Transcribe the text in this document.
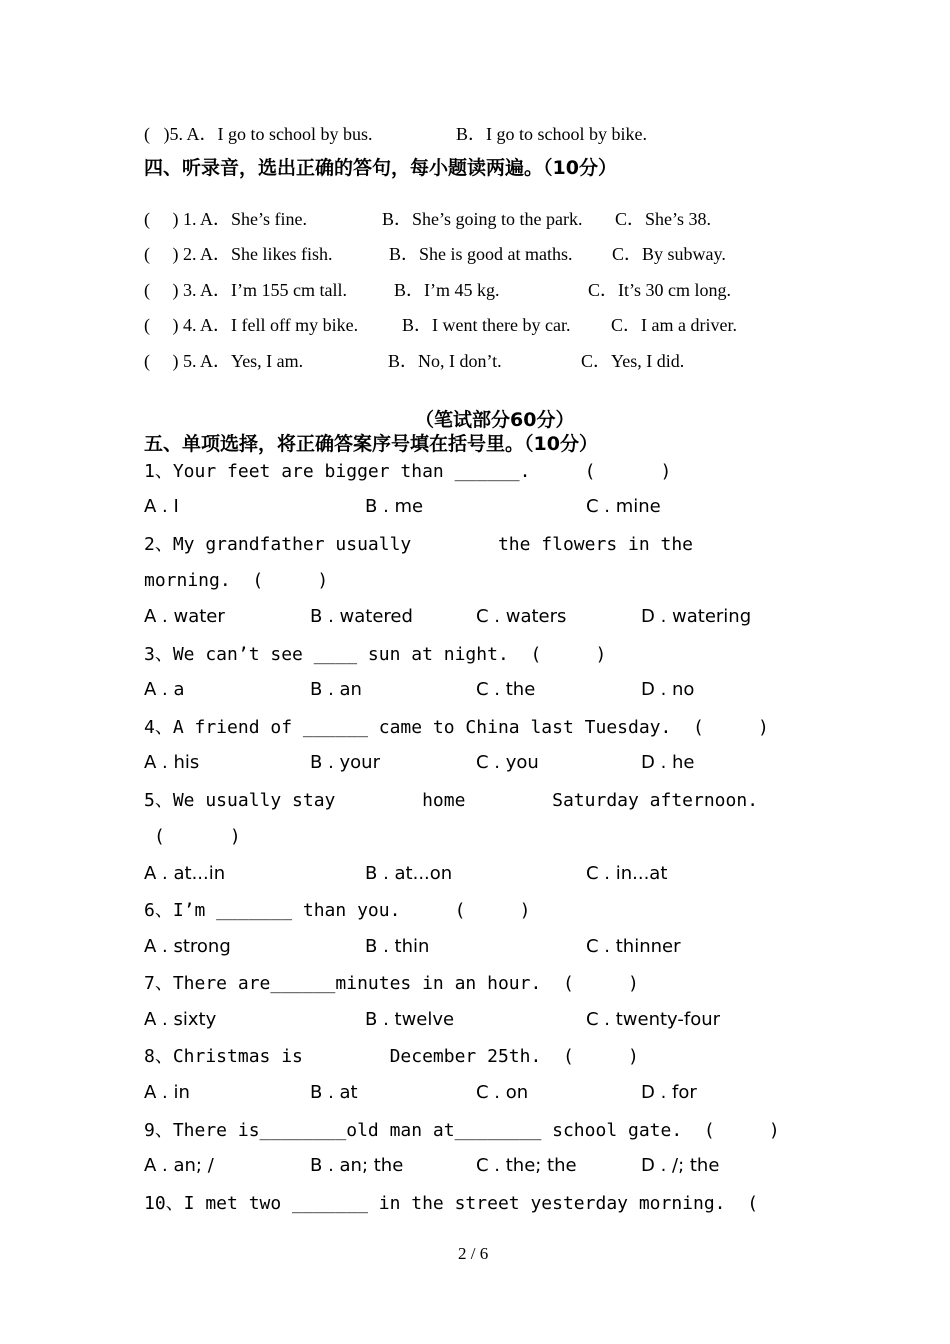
(   )5. A．I go to school by bus.	B．I go to school by bike.
四、听录音，选出正确的答句，每小题读两遍。（10分）
(     ) 1. A．She’s fine.	B．She’s going to the park. C．She’s 38.
(     ) 2. A．She likes fish.	B．She is good at maths. C．By subway.
(     ) 3. A．I’m 155 cm tall.	B．I’m 45 kg.	C．It’s 30 cm long.
(     ) 4. A．I fell off my bike. B．I went there by car. C．I am a driver.
(     ) 5. A．Yes, I am.	B．No, I don’t.	C．Yes, I did.
（笔试部分60分）
五、单项选择，将正确答案序号填在括号里。（10分）
1、Your feet are bigger than ______.     (      )
A . I	B . me	C . mine
2、My grandfather usually        the flowers in the
morning.  (     )
A . water	B . watered	C . waters	D . watering
3、We can’t see ____ sun at night.  (     )
A . a	B . an	C . the	D . no
4、A friend of ______ came to China last Tuesday.  (     )
A . his	B . your	C . you	D . he
5、We usually stay        home        Saturday afternoon.
(      )
A . at...in	B . at...on	C . in...at
6、I’m _______ than you.     (     )
A . strong	B . thin	C . thinner
7、There are______minutes in an hour.  (     )
A . sixty	B . twelve	C . twenty-four
8、Christmas is        December 25th.  (     )
A . in	B . at	C . on	D . for
9、There is________old man at________ school gate.  (     )
A . an; /	B . an; the	C . the; the	D . /; the
10、I met two _______ in the street yesterday morning.  (
2 / 6
